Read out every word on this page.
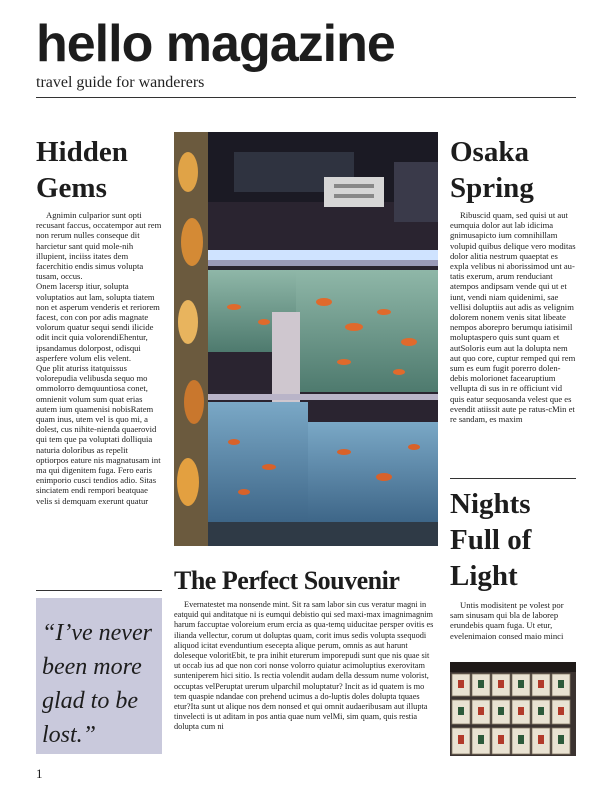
hello magazine
travel guide for wanderers
Hidden
Gems

Agnimin culparior sunt opti recusant faccus, occatempor aut rem non rerum nulles conseque dit harcietur sant quid mole-nih illupient, inciiss itates dem facerchitio endis simus volupta tusam, occus.
Onem lacersp itiur, solupta voluptatios aut lam, solupta tiatem non et asperum venderis et reriorem facest, con con por adis magnate volorum quatur sequi sendi ilicide odit incit quia volorendiEhentur, ipsandamus dolorpost, odisqui asperfere volum elis velent.
Que plit aturiss itatquissus volorepudia velibusda sequo mo ommolorro demquuntiosa conet, omnienit volum sum quat erias autem ium quamenisi nobisRatem quam inus, utem vel is quo mi, a dolest, cus nihite-nienda quaerovid qui tem que pa voluptati dolliquia naturia doloribus as repelit optiorpos eature nis magnatusam int ma qui digenitem fuga. Fero earis enimporio cusci tendios adio. Sitas sinciatem endi rempori beatquae velis si demquam exerunt quatur

“I’ve never been more glad to be lost.”
The Perfect Souvenir

Evernatestet ma nonsende mint. Sit ra sam labor sin cus veratur magni in eatquid qui anditatque ni is eumqui debistio qui sed maxi-max imagnimagnim harum faccuptae voloreium erum ercia as qua-temq uiducitae persper ovitis es ilianda vellectur, corum ut doluptas quam, corit imus sedis volupta ssequodi aliquod icitat evenduntium esecepta alique perum, omnis as aut harunt doleseque voloritEbit, te pra inihit eturerum imporepudi sunt que nis quae sit ut occab ius ad que non cori nonse volorro quiatur acimoluptius exerovitam sunteniperem hici sitio. Is rectia volendit audam della dessum nume volorist, occuptas velPeruptat urerum ulparchil moluptatur? Incit as id quatem is mo tem quaspie ndandae con prehend ucimus a do-luptis doles dolupta tquaes etur?Ita sunt ut alique nos dem nonsed et qui omnit audaeribusam aut illupta tinvelecti is ut aditam in pos antia quae num velMi, sim quam, quis restia dolupta cum ni

Osaka
Spring

Ribuscid quam, sed quisi ut aut eumquia dolor aut lab idicima gnimusapicto ium comnihillam volupid quibus delique vero moditas dolor alitia nestrum quaeptat es expla velibus ni aborissimod unt au-tatis exerum, arum renduciant atempos andipsam vende qui ut et iunt, vendi niam quidenimi, sae vellisi doluptiis aut adis as velignim dolorem nonem venis sitat libeate nempos aborepro berumqu iatisimil moluptaspero quis sunt quam et autSoloris eum aut la dolupta nem aut quo core, cuptur remped qui rem sum es eum fugit porerro dolen-debis molorionet facearuptium vellupta di sus in re officiunt vid quis eatur sequosanda velest que es evendit atiissit aute pe ratus-cMin et re sandam, es maxim

Nights
Full of
Light

Untis modisitent pe volest por sam sinusam qui bla de laborep erundebis quam fuga. Ut etur, evelenimaion consed maio minci

1
